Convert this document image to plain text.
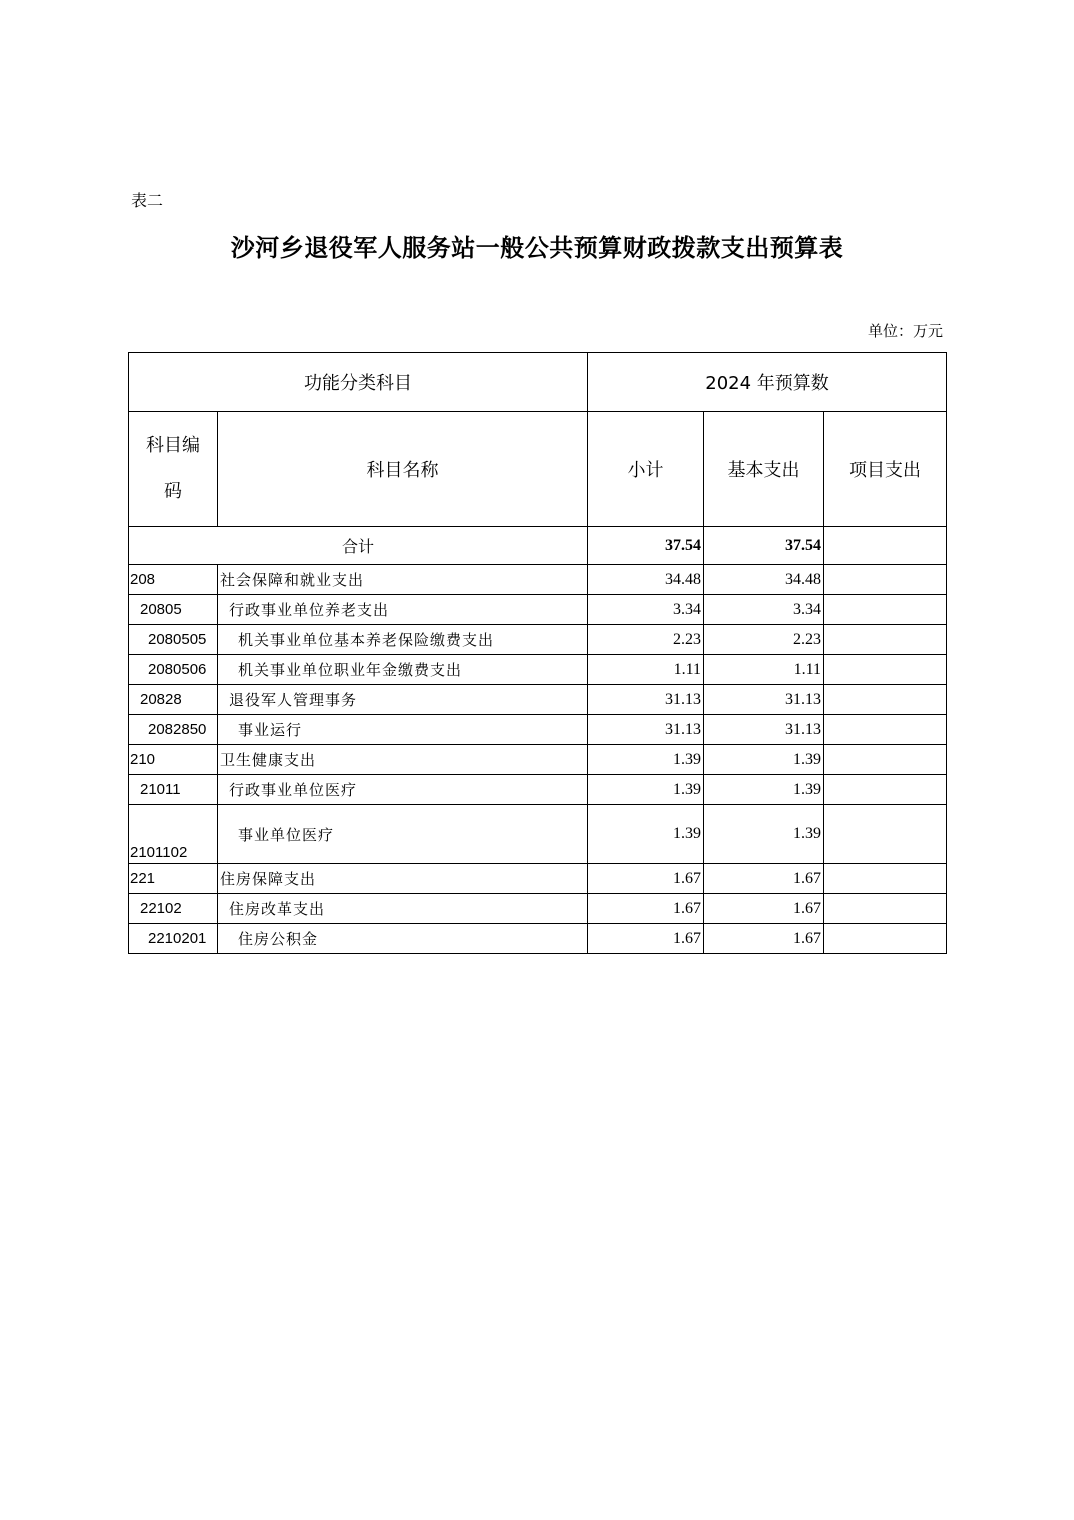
表二
沙河乡退役军人服务站一般公共预算财政拨款支出预算表
单位：万元
功能分类科目		2024 年预算数		
科目编
码	科目名称	小计	基本支出	项目支出
合计		37.54	37.54	
208	社会保障和就业支出	34.48	34.48	
20805	行政事业单位养老支出	3.34	3.34	
2080505	机关事业单位基本养老保险缴费支出	2.23	2.23	
2080506	机关事业单位职业年金缴费支出	1.11	1.11	
20828	退役军人管理事务	31.13	31.13	
2082850	事业运行	31.13	31.13	
210	卫生健康支出	1.39	1.39	
21011	行政事业单位医疗	1.39	1.39	
2101102	事业单位医疗	1.39	1.39	
221	住房保障支出	1.67	1.67	
22102	住房改革支出	1.67	1.67	
2210201	住房公积金	1.67	1.67	
